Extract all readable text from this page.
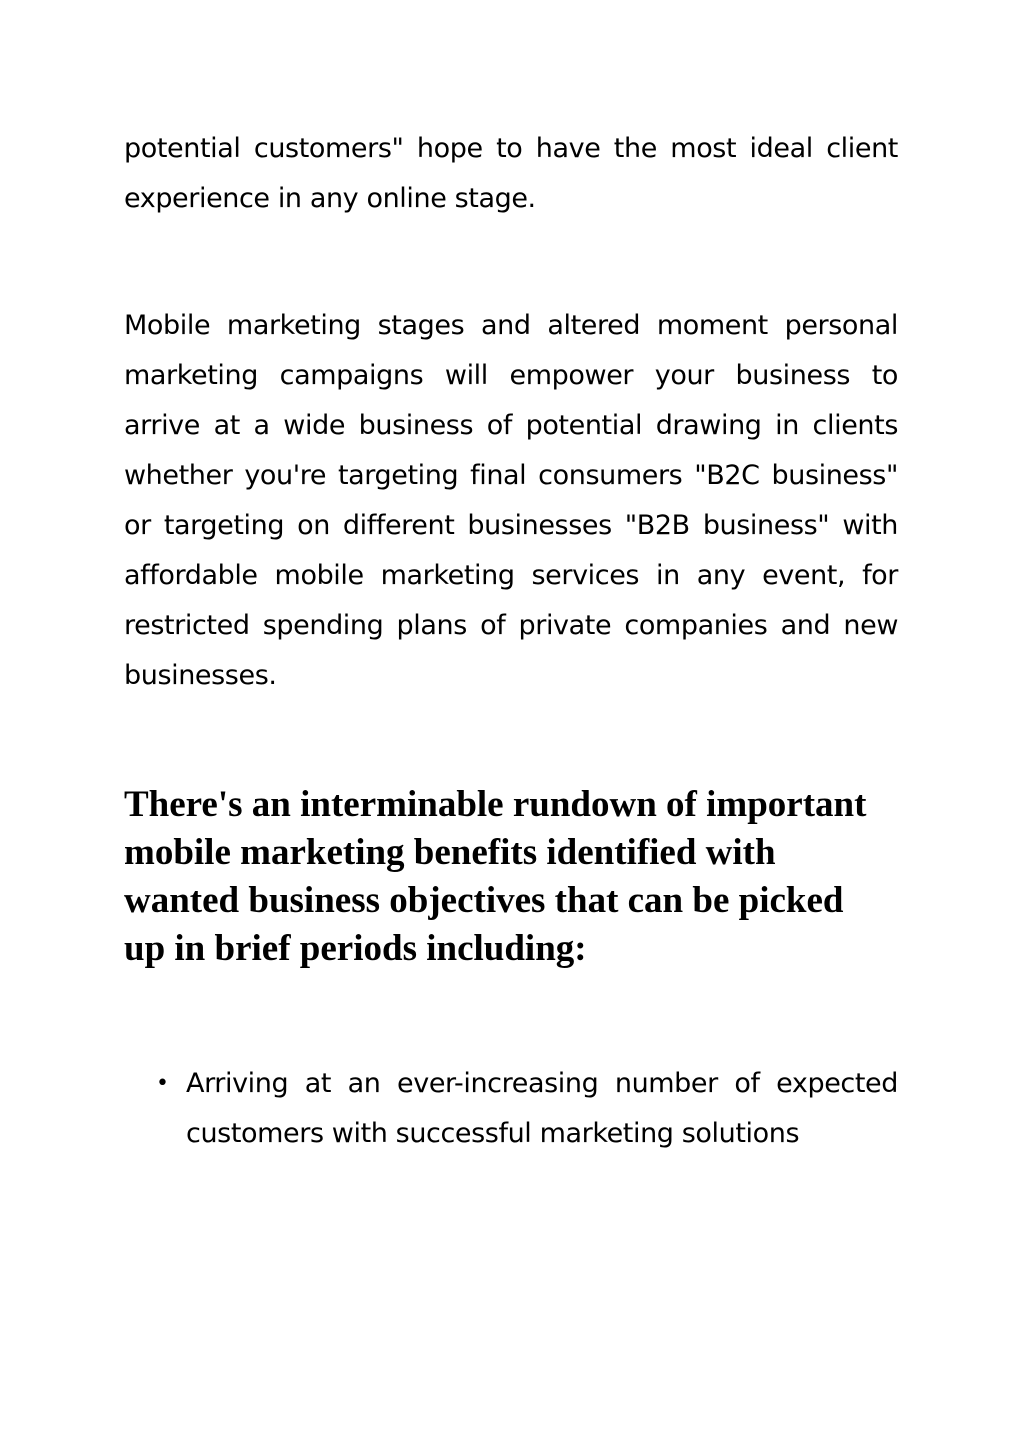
potential customers" hope to have the most ideal client experience in any online stage.

Mobile marketing stages and altered moment personal marketing campaigns will empower your business to arrive at a wide business of potential drawing in clients whether you're targeting final consumers "B2C business" or targeting on different businesses "B2B business" with affordable mobile marketing services in any event, for restricted spending plans of private companies and new businesses.

There's an interminable rundown of important mobile marketing benefits identified with wanted business objectives that can be picked up in brief periods including:
• Arriving at an ever-increasing number of expected customers with successful marketing solutions
